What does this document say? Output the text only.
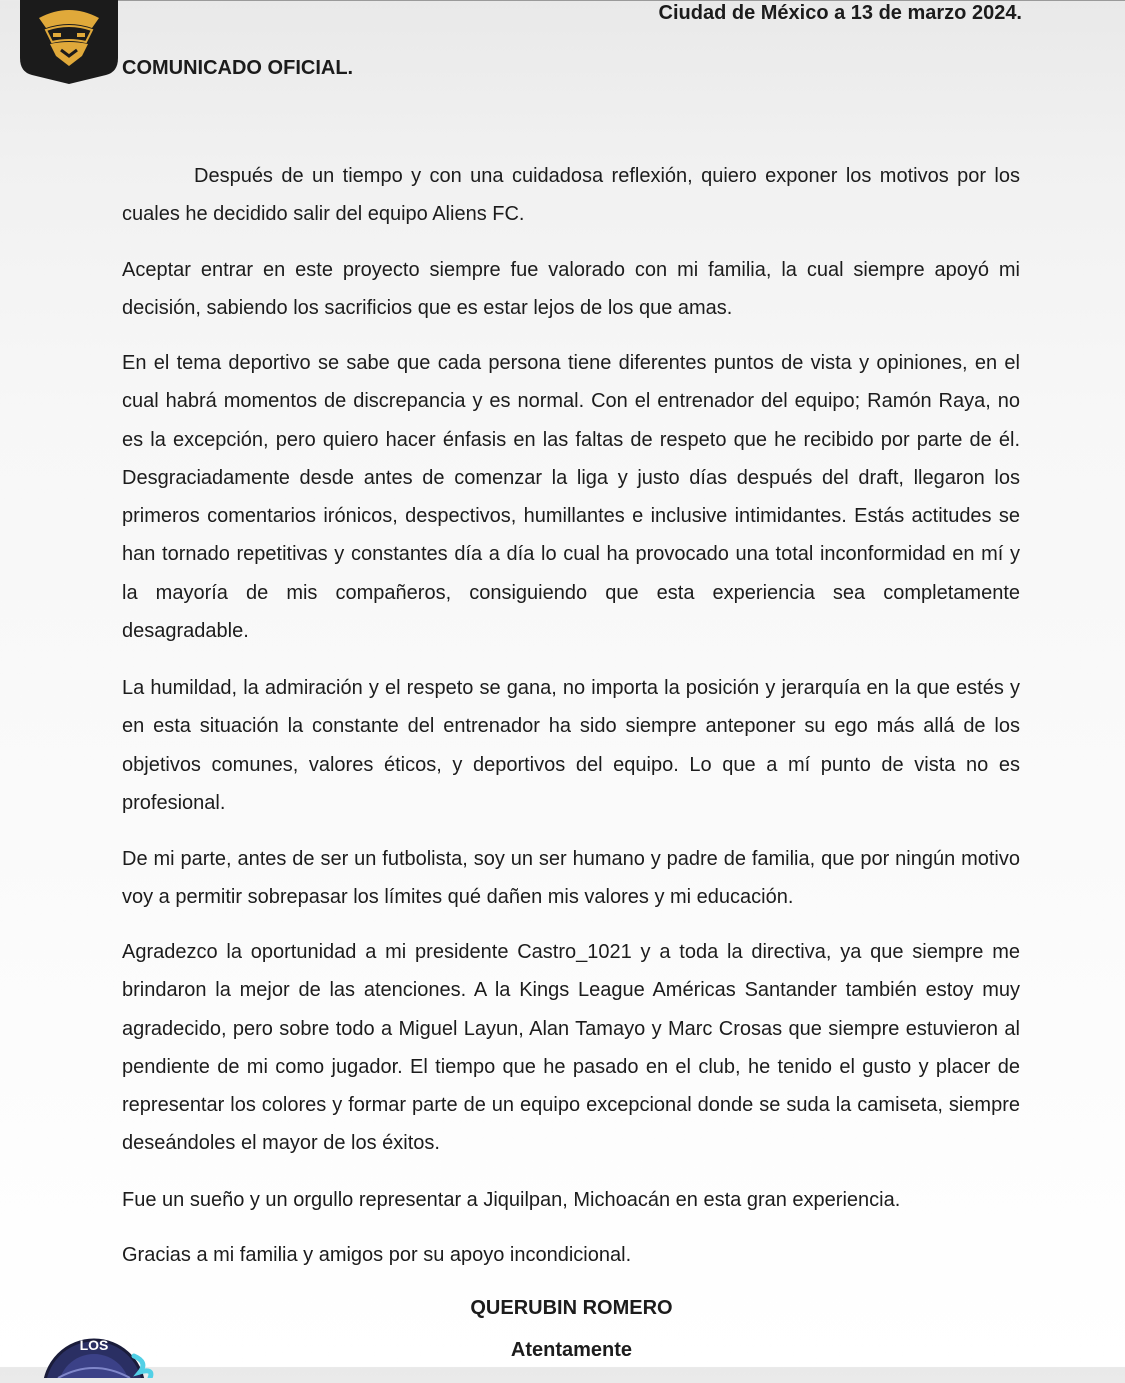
Ciudad de México a 13 de marzo 2024.
COMUNICADO OFICIAL.

Después de un tiempo y con una cuidadosa reflexión, quiero exponer los motivos por los cuales he decidido salir del equipo Aliens FC.

Aceptar entrar en este proyecto siempre fue valorado con mi familia, la cual siempre apoyó mi decisión, sabiendo los sacrificios que es estar lejos de los que amas.

En el tema deportivo se sabe que cada persona tiene diferentes puntos de vista y opiniones, en el cual habrá momentos de discrepancia y es normal. Con el entrenador del equipo; Ramón Raya, no es la excepción, pero quiero hacer énfasis en las faltas de respeto que he recibido por parte de él. Desgraciadamente desde antes de comenzar la liga y justo días después del draft, llegaron los primeros comentarios irónicos, despectivos, humillantes e inclusive intimidantes. Estás actitudes se han tornado repetitivas y constantes día a día lo cual ha provocado una total inconformidad en mí y la mayoría de mis compañeros, consiguiendo que esta experiencia sea completamente desagradable.

La humildad, la admiración y el respeto se gana, no importa la posición y jerarquía en la que estés y en esta situación la constante del entrenador ha sido siempre anteponer su ego más allá de los objetivos comunes, valores éticos, y deportivos del equipo. Lo que a mí punto de vista no es profesional.

De mi parte, antes de ser un futbolista, soy un ser humano y padre de familia, que por ningún motivo voy a permitir sobrepasar los límites qué dañen mis valores y mi educación.

Agradezco la oportunidad a mi presidente Castro_1021 y a toda la directiva, ya que siempre me brindaron la mejor de las atenciones. A la Kings League Américas Santander también estoy muy agradecido, pero sobre todo a Miguel Layun, Alan Tamayo y Marc Crosas que siempre estuvieron al pendiente de mi como jugador. El tiempo que he pasado en el club, he tenido el gusto y placer de representar los colores y formar parte de un equipo excepcional donde se suda la camiseta, siempre deseándoles el mayor de los éxitos.

Fue un sueño y un orgullo representar a Jiquilpan, Michoacán en esta gran experiencia.

Gracias a mi familia y amigos por su apoyo incondicional.

QUERUBIN ROMERO
Atentamente
LOS
